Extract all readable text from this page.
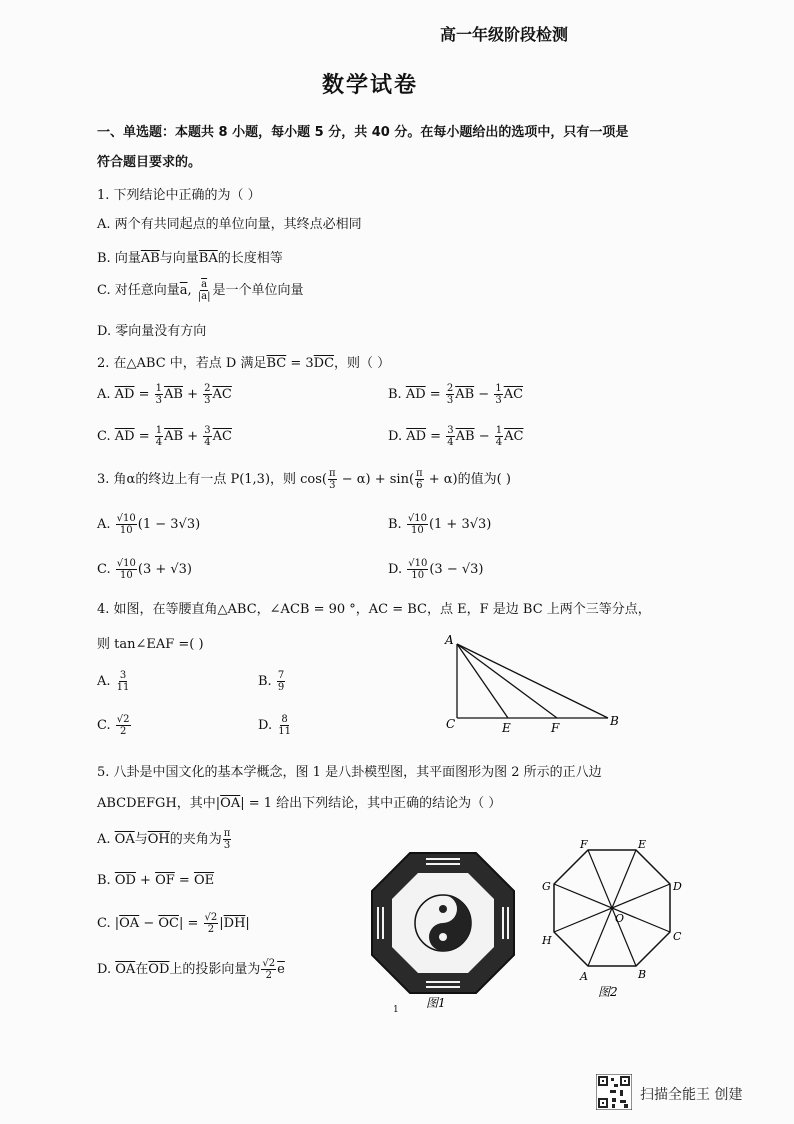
高一年级阶段检测
数学试卷

一、单选题：本题共 8 小题，每小题 5 分，共 40 分。在每小题给出的选项中，只有一项是
符合题目要求的。
1. 下列结论中正确的为（ ）
A. 两个有共同起点的单位向量，其终点必相同
B. 向量$\overline{AB}$与向量$\overline{BA}$的长度相等
C. 对任意向量$\overline{a}$, $\frac{\overline{a}}{|a|}$ 是一个单位向量
D. 零向量没有方向
2. 在△ABC 中，若点 D 满足$\overline{BC} = 3\overline{DC}$，则（ ）
A. $\overline{AD} = \frac{1}{3} \overline{AB} + \frac{2}{3} \overline{AC}$	B. $\overline{AD} = \frac{2}{3} \overline{AB} - \frac{1}{3} \overline{AC}$
C. $\overline{AD} = \frac{1}{4} \overline{AB} + \frac{3}{4} \overline{AC}$	D. $\overline{AD} = \frac{3}{4} \overline{AB} - \frac{1}{4} \overline{AC}$
3. 角α的终边上有一点 P(1,3)，则 $\cos( \frac{\pi}{3} - \alpha) + \sin( \frac{\pi}{6} + \alpha)$的值为( )
A. $\frac{√10}{10} (1 - 3√3)$	B. $\frac{√10}{10} (1 + 3√3)$
C. $\frac{√10}{10} (3 + √3)$	D. $\frac{√10}{10} (3 - √3)$
4. 如图，在等腰直角△ABC，∠ACB = 90 °，AC = BC，点 E，F 是边 BC 上两个三等分点，
则 tan∠EAF =( )
A. $\frac{3}{11}$	B. $\frac{7}{9}$
C. $\frac{√2}{2}$	D. $\frac{8}{11}$
A
C	E	F	B
5. 八卦是中国文化的基本学概念，图 1 是八卦模型图，其平面图形为图 2 所示的正八边
ABCDEFGH，其中$|\overline{OA}| = 1$ 给出下列结论，其中正确的结论为（ ）
A. $\overline{OA}$与$\overline{OH}$的夹角为 $\frac{\pi}{3}$
B. $\overline{OD} + \overline{OF} = \overline{OE}$
C. $|\overline{OA} - \overline{OC}| = \frac{√2}{2} |\overline{DH}|$
D. $\overline{OA}$在$\overline{OD}$上的投影向量为 $\frac{√2}{2} \overline{e}$
图1
F	E
G	D
H	C
A	B
O
图2
1
扫描全能王 创建
